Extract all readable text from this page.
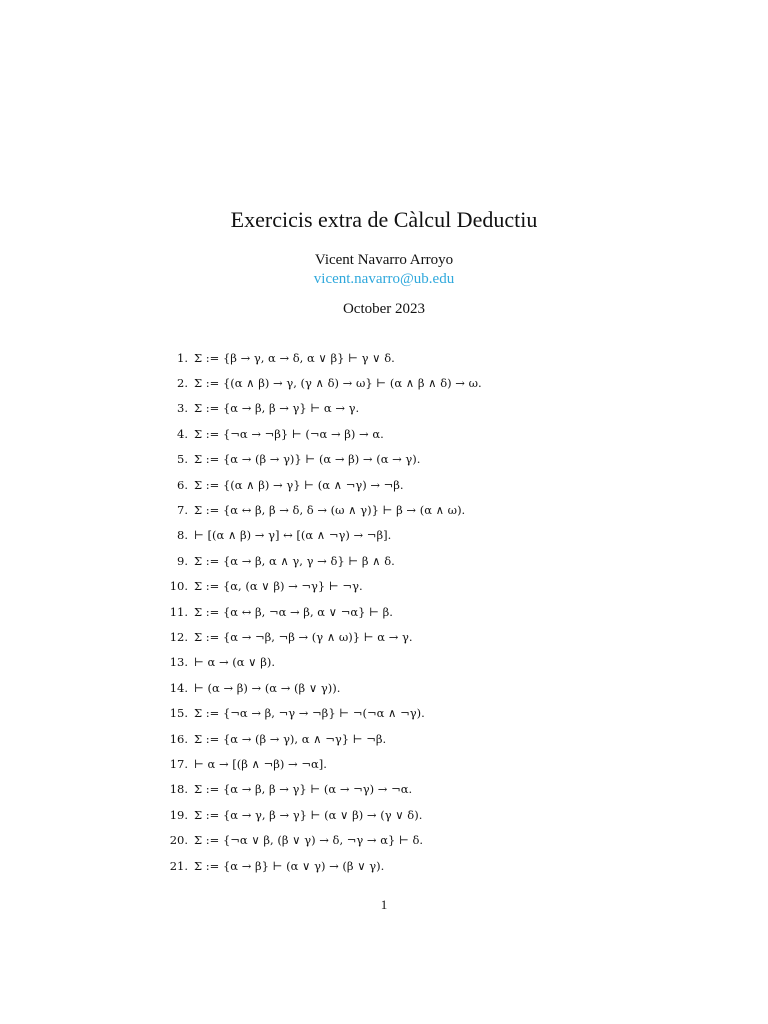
Exercicis extra de Càlcul Deductiu
Vicent Navarro Arroyo
vicent.navarro@ub.edu
October 2023
1. Σ := {β → γ, α → δ, α ∨ β} ⊢ γ ∨ δ.
2. Σ := {(α ∧ β) → γ, (γ ∧ δ) → ω} ⊢ (α ∧ β ∧ δ) → ω.
3. Σ := {α → β, β → γ} ⊢ α → γ.
4. Σ := {¬α → ¬β} ⊢ (¬α → β) → α.
5. Σ := {α → (β → γ)} ⊢ (α → β) → (α → γ).
6. Σ := {(α ∧ β) → γ} ⊢ (α ∧ ¬γ) → ¬β.
7. Σ := {α ↔ β, β → δ, δ → (ω ∧ γ)} ⊢ β → (α ∧ ω).
8. ⊢ [(α ∧ β) → γ] ↔ [(α ∧ ¬γ) → ¬β].
9. Σ := {α → β, α ∧ γ, γ → δ} ⊢ β ∧ δ.
10. Σ := {α, (α ∨ β) → ¬γ} ⊢ ¬γ.
11. Σ := {α ↔ β, ¬α → β, α ∨ ¬α} ⊢ β.
12. Σ := {α → ¬β, ¬β → (γ ∧ ω)} ⊢ α → γ.
13. ⊢ α → (α ∨ β).
14. ⊢ (α → β) → (α → (β ∨ γ)).
15. Σ := {¬α → β, ¬γ → ¬β} ⊢ ¬(¬α ∧ ¬γ).
16. Σ := {α → (β → γ), α ∧ ¬γ} ⊢ ¬β.
17. ⊢ α → [(β ∧ ¬β) → ¬α].
18. Σ := {α → β, β → γ} ⊢ (α → ¬γ) → ¬α.
19. Σ := {α → γ, β → γ} ⊢ (α ∨ β) → (γ ∨ δ).
20. Σ := {¬α ∨ β, (β ∨ γ) → δ, ¬γ → α} ⊢ δ.
21. Σ := {α → β} ⊢ (α ∨ γ) → (β ∨ γ).
1
